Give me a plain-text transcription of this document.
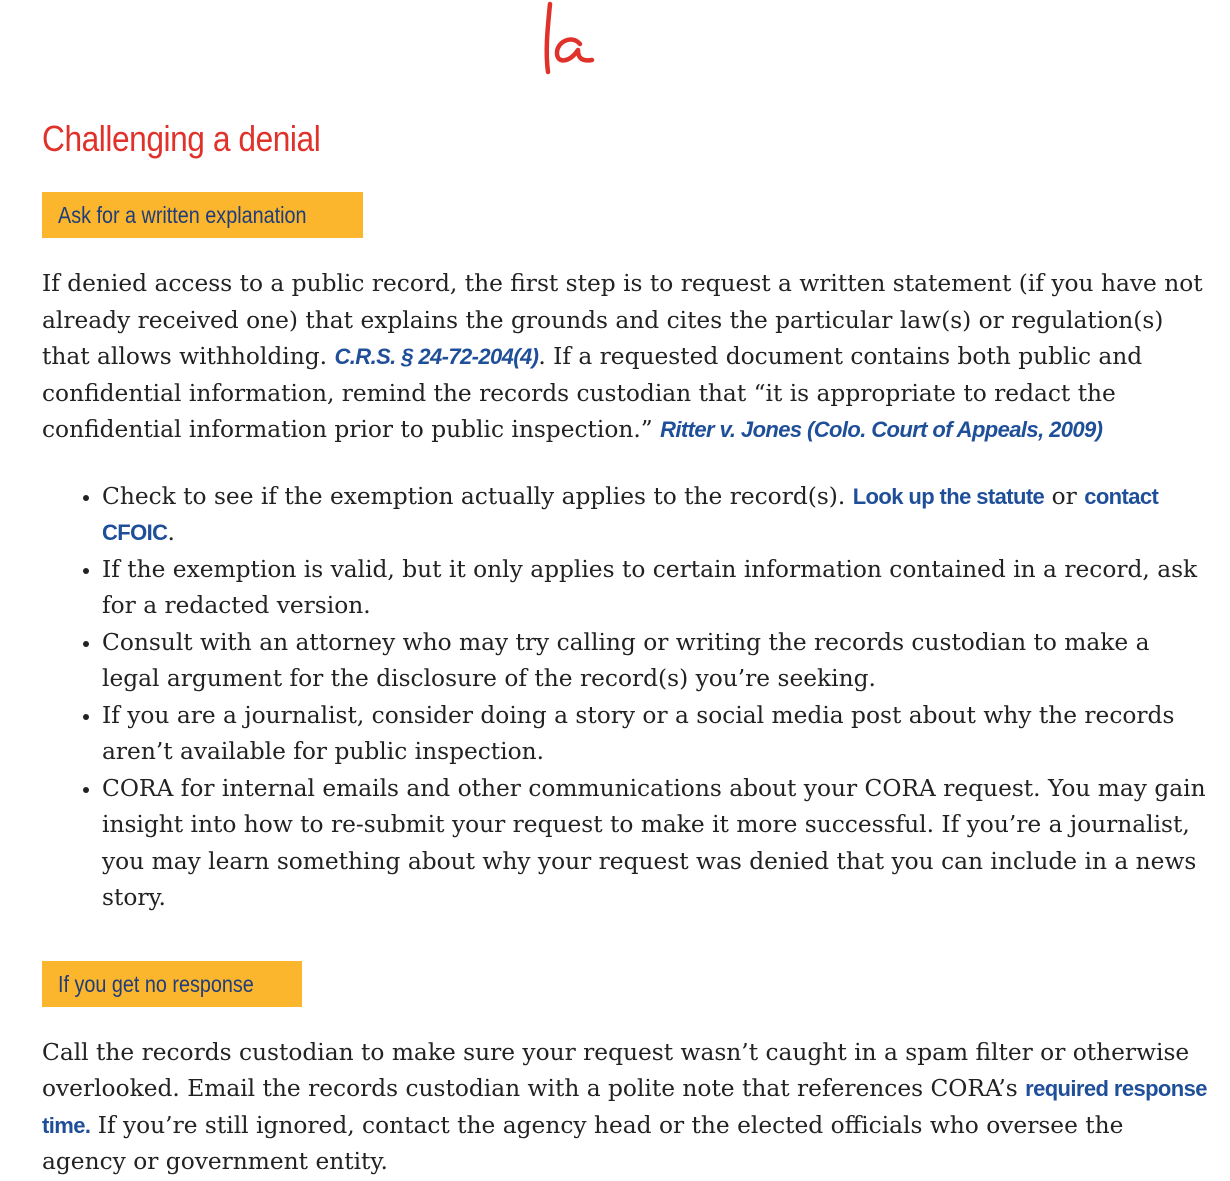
Challenging a denial
Ask for a written explanation

If denied access to a public record, the first step is to request a written statement (if you have not already received one) that explains the grounds and cites the particular law(s) or regulation(s) that allows withholding. C.R.S. § 24-72-204(4). If a requested document contains both public and confidential information, remind the records custodian that “it is appropriate to redact the confidential information prior to public inspection.” Ritter v. Jones (Colo. Court of Appeals, 2009)

• Check to see if the exemption actually applies to the record(s). Look up the statute or contact CFOIC.
• If the exemption is valid, but it only applies to certain information contained in a record, ask for a redacted version.
• Consult with an attorney who may try calling or writing the records custodian to make a legal argument for the disclosure of the record(s) you’re seeking.
• If you are a journalist, consider doing a story or a social media post about why the records aren’t available for public inspection.
• CORA for internal emails and other communications about your CORA request. You may gain insight into how to re-submit your request to make it more successful. If you’re a journalist, you may learn something about why your request was denied that you can include in a news story.
If you get no response

Call the records custodian to make sure your request wasn’t caught in a spam filter or otherwise overlooked. Email the records custodian with a polite note that references CORA’s required response time. If you’re still ignored, contact the agency head or the elected officials who oversee the agency or government entity.
